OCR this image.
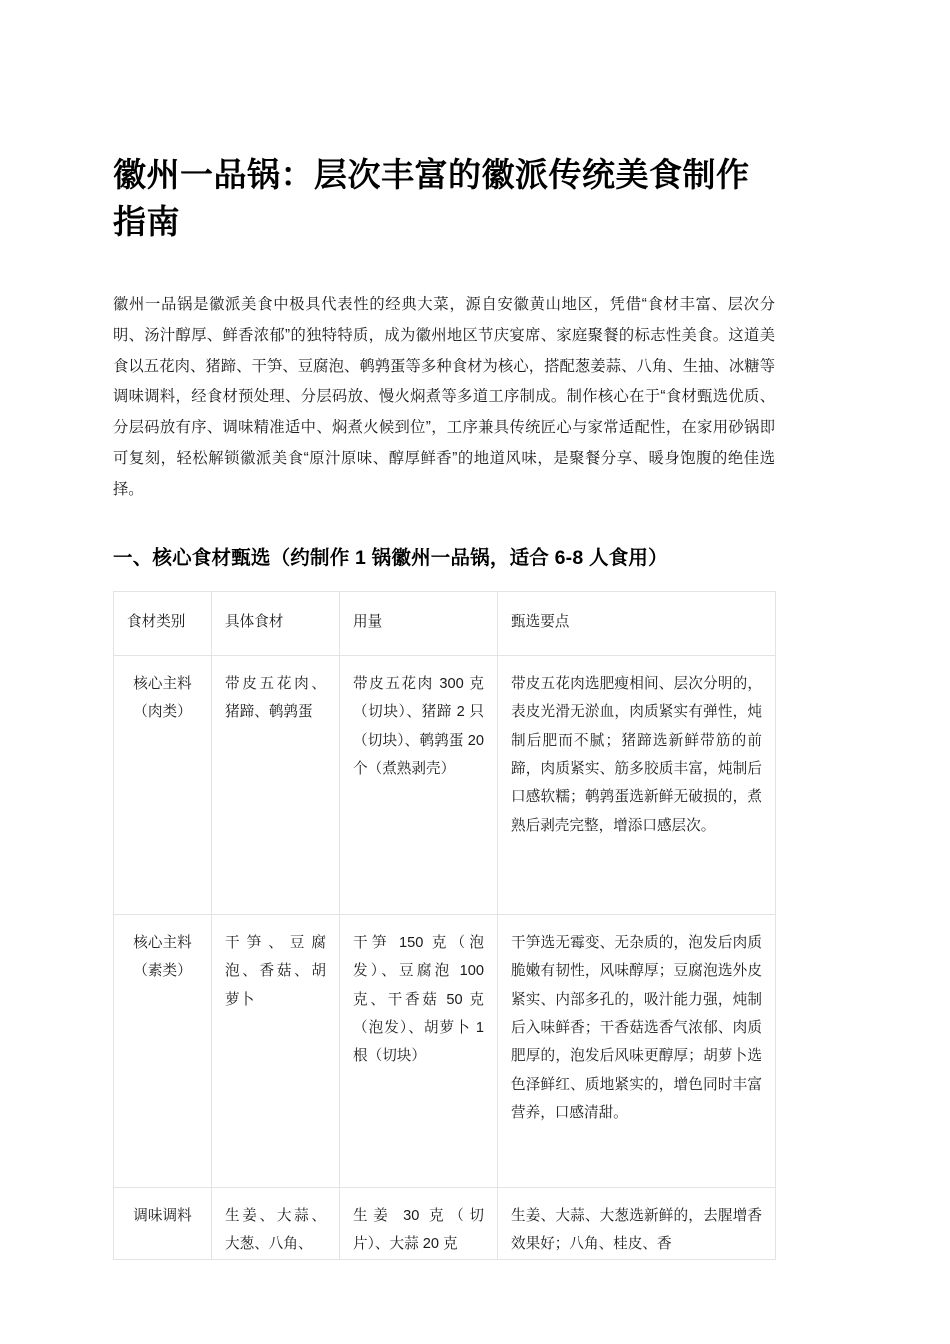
徽州一品锅：层次丰富的徽派传统美食制作指南

徽州一品锅是徽派美食中极具代表性的经典大菜，源自安徽黄山地区，凭借“食材丰富、层次分明、汤汁醇厚、鲜香浓郁”的独特特质，成为徽州地区节庆宴席、家庭聚餐的标志性美食。这道美食以五花肉、猪蹄、干笋、豆腐泡、鹌鹑蛋等多种食材为核心，搭配葱姜蒜、八角、生抽、冰糖等调味调料，经食材预处理、分层码放、慢火焖煮等多道工序制成。制作核心在于“食材甄选优质、分层码放有序、调味精准适中、焖煮火候到位”，工序兼具传统匠心与家常适配性，在家用砂锅即可复刻，轻松解锁徽派美食“原汁原味、醇厚鲜香”的地道风味，是聚餐分享、暖身饱腹的绝佳选择。

一、核心食材甄选（约制作 1 锅徽州一品锅，适合 6-8 人食用）
食材类别	具体食材	用量	甄选要点
核心主料（肉类）	带皮五花肉、猪蹄、鹌鹑蛋	带皮五花肉 300 克（切块）、猪蹄 2 只（切块）、鹌鹑蛋 20 个（煮熟剥壳）	带皮五花肉选肥瘦相间、层次分明的，表皮光滑无淤血，肉质紧实有弹性，炖制后肥而不腻；猪蹄选新鲜带筋的前蹄，肉质紧实、筋多胶质丰富，炖制后口感软糯；鹌鹑蛋选新鲜无破损的，煮熟后剥壳完整，增添口感层次。
核心主料（素类）	干笋、豆腐泡、香菇、胡萝卜	干笋 150 克（泡发）、豆腐泡 100 克、干香菇 50 克（泡发）、胡萝卜 1 根（切块）	干笋选无霉变、无杂质的，泡发后肉质脆嫩有韧性，风味醇厚；豆腐泡选外皮紧实、内部多孔的，吸汁能力强，炖制后入味鲜香；干香菇选香气浓郁、肉质肥厚的，泡发后风味更醇厚；胡萝卜选色泽鲜红、质地紧实的，增色同时丰富营养，口感清甜。
调味调料	生姜、大蒜、大葱、八角、	生姜 30 克（切片）、大蒜 20 克	生姜、大蒜、大葱选新鲜的，去腥增香效果好；八角、桂皮、香
